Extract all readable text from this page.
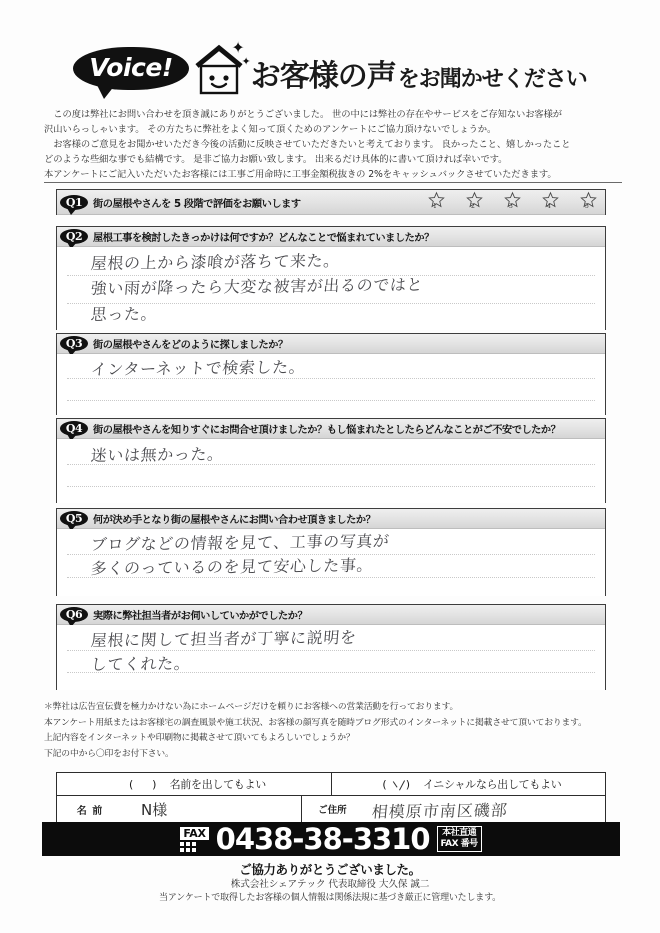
Voice!
✦
✦ お客様の声 をお聞かせください

この度は弊社にお問い合わせを頂き誠にありがとうございました。 世の中には弊社の存在やサービスをご存知ないお客様が

沢山いらっしゃいます。 その方たちに弊社をよく知って頂くためのアンケートにご協力頂けないでしょうか。

お客様のご意見をお聞かせいただき今後の活動に反映させていただきたいと考えております。 良かったこと、嬉しかったこと

どのような些細な事でも結構です。 是非ご協力お願い致します。 出来るだけ具体的に書いて頂ければ幸いです。

本アンケートにご記入いただいたお客様には工事ご用命時に工事金額税抜きの 2%をキャッシュバックさせていただきます。

Q1	街の屋根やさんを 5 段階で評価をお願いします	1	2	3	4	5
Q2	屋根工事を検討したきっかけは何ですか？どんなことで悩まれていましたか？
屋根の上から漆喰が落ちて来た。
強い雨が降ったら大変な被害が出るのではと
思った。
Q3	街の屋根やさんをどのように探しましたか？
インターネットで検索した。
Q4	街の屋根やさんを知りすぐにお問合せ頂けましたか？もし悩まれたとしたらどんなことがご不安でしたか？
迷いは無かった。
Q5	何が決め手となり街の屋根やさんにお問い合わせ頂きましたか？
ブログなどの情報を見て、工事の写真が
多くのっているのを見て安心した事。
Q6	実際に弊社担当者がお伺いしていかがでしたか？
屋根に関して担当者が丁寧に説明を
してくれた。

＊弊社は広告宣伝費を極力かけない為にホームページだけを頼りにお客様への営業活動を行っております。

本アンケート用紙またはお客様宅の調査風景や施工状況、お客様の顔写真を随時ブログ形式のインターネットに掲載させて頂いております。

上記内容をインターネットや印刷物に掲載させて頂いてもよろしいでしょうか？

下記の中から〇印をお付下さい。

(      )	名前を出してもよい	(  )	イニシャルなら出してもよい
名 前	N様	ご住所	相模原市南区磯部
FAX 0438-38-3310 本社直通
FAX 番号
ご協力ありがとうございました。
株式会社シェアテック 代表取締役 大久保 誠二
当アンケートで取得したお客様の個人情報は関係法規に基づき厳正に管理いたします。
